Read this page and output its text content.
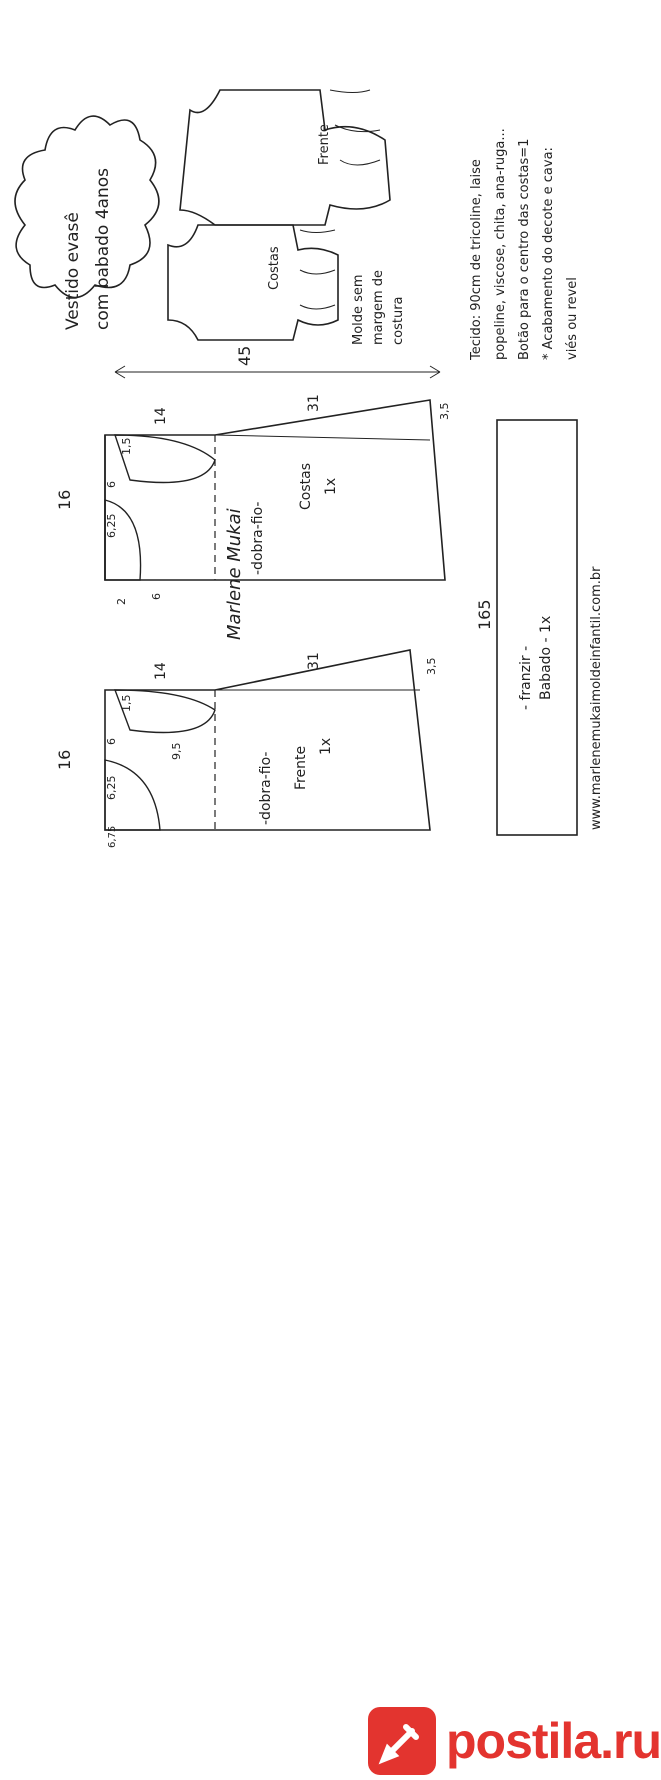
Vestido evasê com babado 4anos
Frente
Costas
Molde sem margem de costura	Tecido: 90cm de tricoline, laise popeline, viscose, chita, ana-ruga... Botão para o centro das costas=1 * Acabamento do decote e cava: viés ou revel
45
Costas 1x
-dobra-fio-
14
31	3,5
16
6,25
1,5
6
2
6	Marlene Mukai
Frente 1x
-dobra-fio-
14
31	3,5
16
6,25
1,5
6
9,5
6,75
- franzir - Babado - 1x
165	www.marlenemukaimoldeinfantil.com.br
postila.ru
